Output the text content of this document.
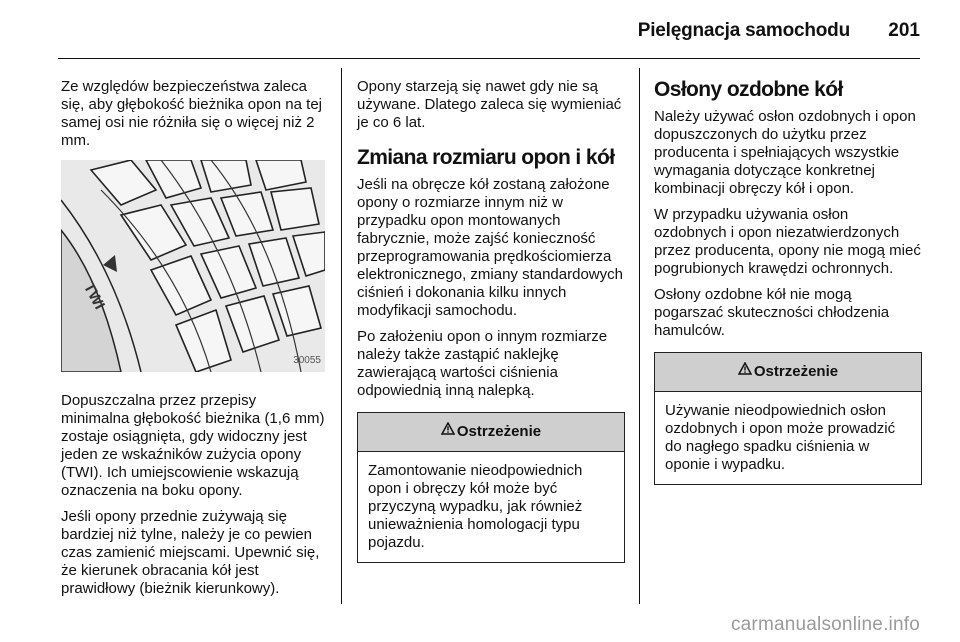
Pielęgnacja samochodu 201

Ze względów bezpieczeństwa zaleca się, aby głębokość bieżnika opon na tej samej osi nie różniła się o więcej niż 2 mm.

TWI
30055

Dopuszczalna przez przepisy minimalna głębokość bieżnika (1,6 mm) zostaje osiągnięta, gdy widoczny jest jeden ze wskaźników zużycia opony (TWI). Ich umiejscowienie wskazują oznaczenia na boku opony.

Jeśli opony przednie zużywają się bardziej niż tylne, należy je co pewien czas zamienić miejscami. Upewnić się, że kierunek obracania kół jest prawidłowy (bieżnik kierunkowy).

Opony starzeją się nawet gdy nie są używane. Dlatego zaleca się wymieniać je co 6 lat.

Zmiana rozmiaru opon i kół

Jeśli na obręcze kół zostaną założone opony o rozmiarze innym niż w przypadku opon montowanych fabrycznie, może zajść konieczność przeprogramowania prędkościomierza elektronicznego, zmiany standardowych ciśnień i dokonania kilku innych modyfikacji samochodu.

Po założeniu opon o innym rozmiarze należy także zastąpić naklejkę zawierającą wartości ciśnienia odpowiednią inną nalepką.

Ostrzeżenie
Zamontowanie nieodpowiednich opon i obręczy kół może być przyczyną wypadku, jak również unieważnienia homologacji typu pojazdu.
Osłony ozdobne kół

Należy używać osłon ozdobnych i opon dopuszczonych do użytku przez producenta i spełniających wszystkie wymagania dotyczące konkretnej kombinacji obręczy kół i opon.

W przypadku używania osłon ozdobnych i opon niezatwierdzonych przez producenta, opony nie mogą mieć pogrubionych krawędzi ochronnych.

Osłony ozdobne kół nie mogą pogarszać skuteczności chłodzenia hamulców.

Ostrzeżenie
Używanie nieodpowiednich osłon ozdobnych i opon może prowadzić do nagłego spadku ciśnienia w oponie i wypadku.
carmanualsonline.info
